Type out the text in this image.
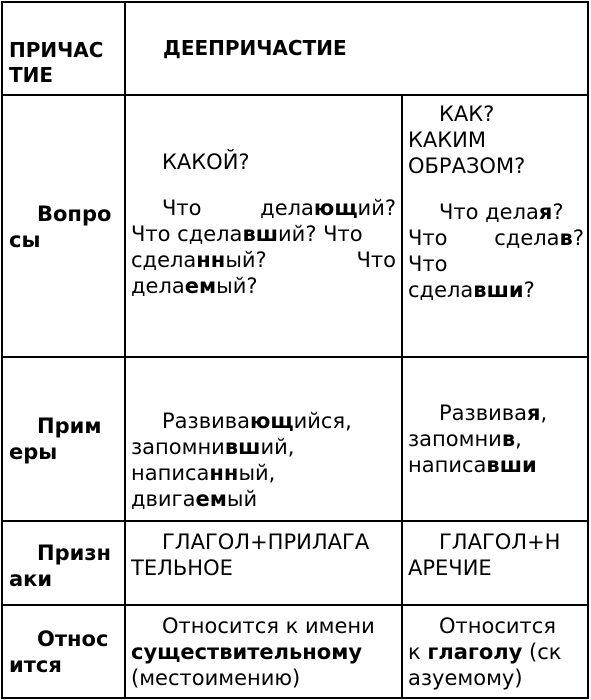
ПРИЧАС
ТИЕ
ДЕЕПРИЧАСТИЕ
Вопро
сы
КАКОЙ?
Что	делающий?
Что сделавший? Что
сделанный?	Что
делаемый?
КАК?
КАКИМ
ОБРАЗОМ?
Что делая?
Что сделав?
Что
сделавши?
Прим
еры
Развивающийся,
запомнивший,
написанный,
двигаемый
Развивая,
запомнив,
написавши
Призн
аки
ГЛАГОЛ+ПРИЛАГА
ТЕЛЬНОЕ
ГЛАГОЛ+Н
АРЕЧИЕ
Относ
ится
Относится к имени
существительному
(местоимению)
Относится
к глаголу (ск
азуемому)
